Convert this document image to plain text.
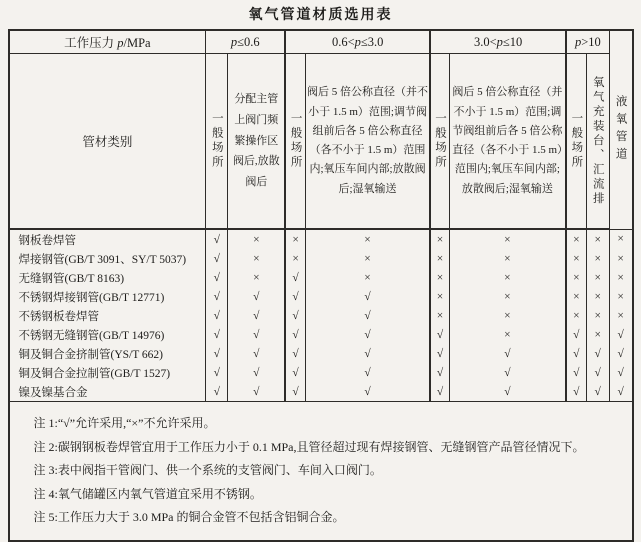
氧气管道材质选用表
工作压力 p/MPa	p≤0.6		0.6<p≤3.0		3.0<p≤10		p>10		液氧管道

管材类别	一般场所	分配主管上阀门频繁操作区阀后,放散阀后	一般场所	阀后 5 倍公称直径（并不小于 1.5 m）范围;调节阀组前后各 5 倍公称直径（各不小于 1.5 m）范围内;氧压车间内部;放散阀后;湿氧输送	一般场所	阀后 5 倍公称直径（并不小于 1.5 m）范围;调节阀组前后各 5 倍公称直径（各不小于 1.5 m）范围内;氧压车间内部;放散阀后;湿氧输送	一般场所	氧气充装台、汇流排	

钢板卷焊管	√	×	×	×	×	×	×	×	×
焊接钢管(GB/T 3091、SY/T 5037)	√	×	×	×	×	×	×	×	×
无缝钢管(GB/T 8163)	√	×	√	×	×	×	×	×	×
不锈钢焊接钢管(GB/T 12771)	√	√	√	√	×	×	×	×	×
不锈钢板卷焊管	√	√	√	√	×	×	×	×	×
不锈钢无缝钢管(GB/T 14976)	√	√	√	√	√	×	√	×	√
铜及铜合金挤制管(YS/T 662)	√	√	√	√	√	√	√	√	√
铜及铜合金拉制管(GB/T 1527)	√	√	√	√	√	√	√	√	√
镍及镍基合金	√	√	√	√	√	√	√	√	√

注 1:“√”允许采用,“×”不允许采用。
注 2:碳钢钢板卷焊管宜用于工作压力小于 0.1 MPa,且管径超过现有焊接钢管、无缝钢管产品管径情况下。
注 3:表中阀指干管阀门、供一个系统的支管阀门、车间入口阀门。
注 4:氧气储罐区内氧气管道宜采用不锈钢。
注 5:工作压力大于 3.0 MPa 的铜合金管不包括含铝铜合金。									
